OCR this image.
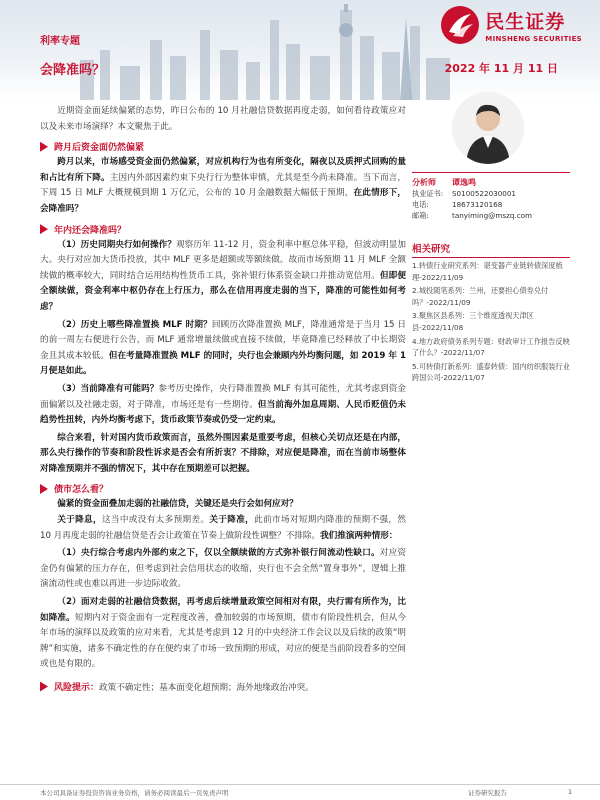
利率专题
会降准吗？	2022 年 11 月 11 日
民生证券
MINSHENG SECURITIES

近期资金面延续偏紧的态势，昨日公布的 10 月社融信贷数据再度走弱，如何看待政策应对以及未来市场演绎？本文聚焦于此。

跨月后资金面仍然偏紧

跨月以来，市场感受资金面仍然偏紧，对应机构行为也有所变化，隔夜以及质押式回购的量和占比有所下降。主因内外部因素约束下央行行为整体审慎，尤其是至今尚未降准。当下而言，下周 15 日 MLF 大概规模到期 1 万亿元，公布的 10 月金融数据大幅低于预期，在此情形下，会降准吗？

年内还会降准吗？

（1）历史同期央行如何操作？观察历年 11-12 月，资金利率中枢总体平稳，但波动明显加大。央行对应加大货币投放，其中 MLF 更多是超额或等额续做。故而市场预期 11 月 MLF 全额续做的概率较大，同时结合运用结构性货币工具，弥补银行体系资金缺口并推动宽信用。但即便全额续做，资金利率中枢仍存在上行压力，那么在信用再度走弱的当下，降准的可能性如何考虑？

（2）历史上哪些降准置换 MLF 时期？回顾历次降准置换 MLF，降准通常是于当月 15 日的前一周左右便进行公告，而 MLF 通常增量续做或直接不续做，毕竟降准已经释放了中长期资金且其成本较低。但在考量降准置换 MLF 的同时，央行也会兼顾内外均衡问题，如 2019 年 1 月便是如此。

（3）当前降准有可能吗？参考历史操作，央行降准置换 MLF 有其可能性，尤其考虑到资金面偏紧以及社融走弱，对于降准，市场还是有一些期待。但当前海外加息周期、人民币贬值仍未趋势性扭转，内外均衡考虑下，货币政策节奏或仍受一定约束。

综合来看，针对国内货币政策而言，虽然外围因素是重要考虑，但核心关切点还是在内部，那么央行操作的节奏和阶段性诉求是否会有所折衷？不排除，对应便是降准，而在当前市场整体对降准预期并不强的情况下，其中存在预期差可以把握。

债市怎么看？

偏紧的资金面叠加走弱的社融信贷，关键还是央行会如何应对？

关于降息，这当中或没有太多预期差。关于降准，此前市场对短期内降准的预期不强，然 10 月再度走弱的社融信贷是否会让政策在节奏上做阶段性调整？不排除。我们推演两种情形：

（1）央行综合考虑内外部约束之下，仅以全额续做的方式弥补银行间流动性缺口。对应资金仍有偏紧的压力存在，但考虑到社会信用状态的收缩，央行也不会全然“置身事外”，逻辑上推演流动性或也难以再进一步边际收敛。

（2）面对走弱的社融信贷数据，再考虑后续增量政策空间相对有限，央行需有所作为，比如降准。短期内对于资金面有一定程度改善，叠加较弱的市场预期，债市有阶段性机会，但从今年市场的演绎以及政策的应对来看，尤其是考虑到 12 月的中央经济工作会议以及后续的政策“明牌”和实施，诸多不确定性的存在便约束了市场一致预期的形成，对应的便是当前阶段看多的空间或也是有限的。

风险提示： 政策不确定性；基本面变化超预期；海外地缘政治冲突。
分析师	谭逸鸣
执业证书:	S0100522030001
电话:	18673120168
邮箱:	tanyiming@mszq.com
相关研究
1.转债行业研究系列：谌变器产业链转债深度梳理-2022/11/09
2.城投随笔系列：兰州，还要担心债券兑付吗？-2022/11/09
3.聚焦区县系列：三个维度透视天津区县-2022/11/08
4.地方政府债务系列专题：财政审计工作报告反映了什么？-2022/11/07
5.可转债打新系列：盛泰转债：国内纺织服装行业跨国公司-2022/11/07
本公司具备证券投资咨询业务资格，请务必阅读最后一页免责声明	证券研究报告	1
